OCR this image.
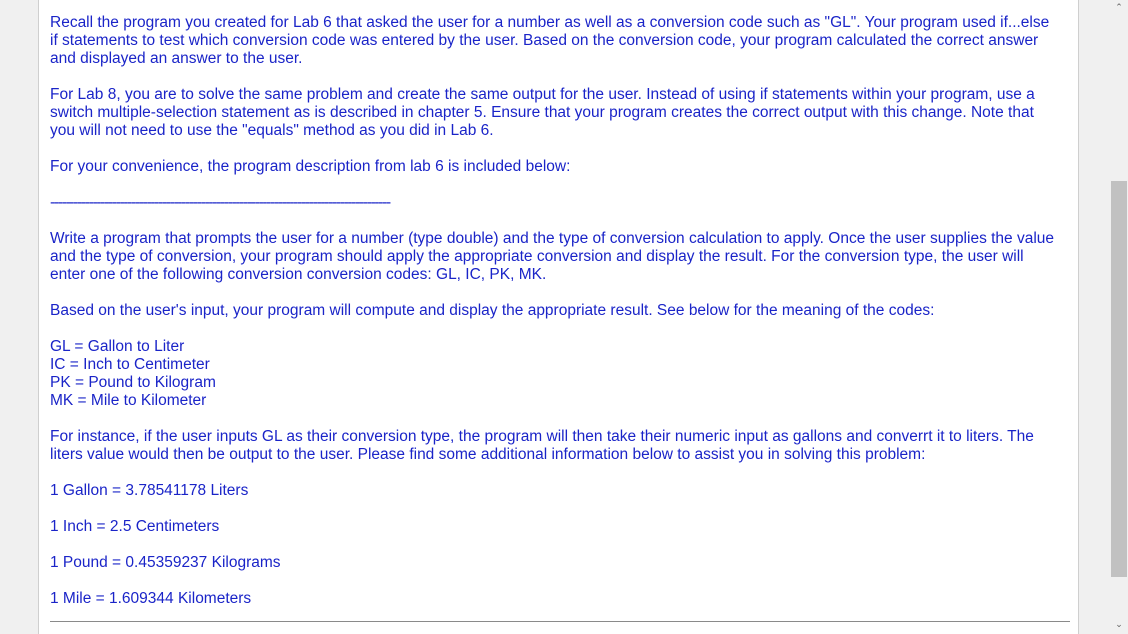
Recall the program you created for Lab 6 that asked the user for a number as well as a conversion code such as "GL". Your program used if...else if statements to test which conversion code was entered by the user. Based on the conversion code, your program calculated the correct answer and displayed an answer to the user.

For Lab 8, you are to solve the same problem and create the same output for the user. Instead of using if statements within your program, use a switch multiple-selection statement as is described in chapter 5. Ensure that your program creates the correct output with this change. Note that you will not need to use the "equals" method as you did in Lab 6.

For your convenience, the program description from lab 6 is included below:

----------------------------------------------------------------------------------------

Write a program that prompts the user for a number (type double) and the type of conversion calculation to apply. Once the user supplies the value and the type of conversion, your program should apply the appropriate conversion and display the result. For the conversion type, the user will enter one of the following conversion conversion codes: GL, IC, PK, MK.

Based on the user's input, your program will compute and display the appropriate result. See below for the meaning of the codes:

GL = Gallon to Liter

IC = Inch to Centimeter

PK = Pound to Kilogram

MK = Mile to Kilometer

For instance, if the user inputs GL as their conversion type, the program will then take their numeric input as gallons and converrt it to liters. The liters value would then be output to the user. Please find some additional information below to assist you in solving this problem:

1 Gallon = 3.78541178 Liters

1 Inch = 2.5 Centimeters

1 Pound = 0.45359237 Kilograms

1 Mile = 1.609344 Kilometers

⌃
⌄
